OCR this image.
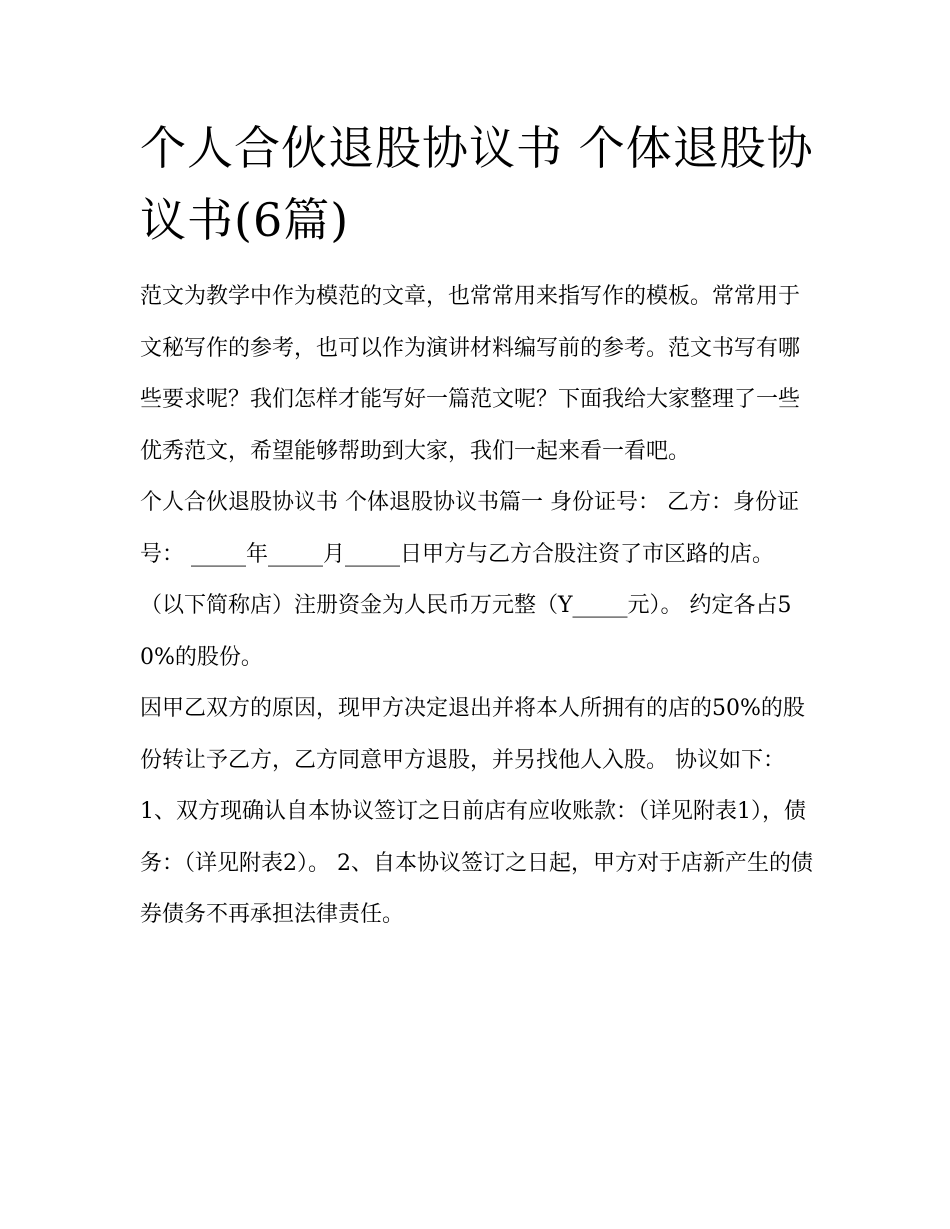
个人合伙退股协议书 个体退股协议书(6篇)

范文为教学中作为模范的文章，也常常用来指写作的模板。常常用于文秘写作的参考，也可以作为演讲材料编写前的参考。范文书写有哪些要求呢？我们怎样才能写好一篇范文呢？下面我给大家整理了一些优秀范文，希望能够帮助到大家，我们一起来看一看吧。

个人合伙退股协议书 个体退股协议书篇一 身份证号： 乙方：身份证号： _____年_____月_____日甲方与乙方合股注资了市区路的店。

（以下简称店）注册资金为人民币万元整（Y_____元）。 约定各占50%的股份。

因甲乙双方的原因，现甲方决定退出并将本人所拥有的店的50%的股份转让予乙方，乙方同意甲方退股，并另找他人入股。 协议如下：

1、双方现确认自本协议签订之日前店有应收账款：（详见附表1），债务：（详见附表2）。 2、自本协议签订之日起，甲方对于店新产生的债券债务不再承担法律责任。
